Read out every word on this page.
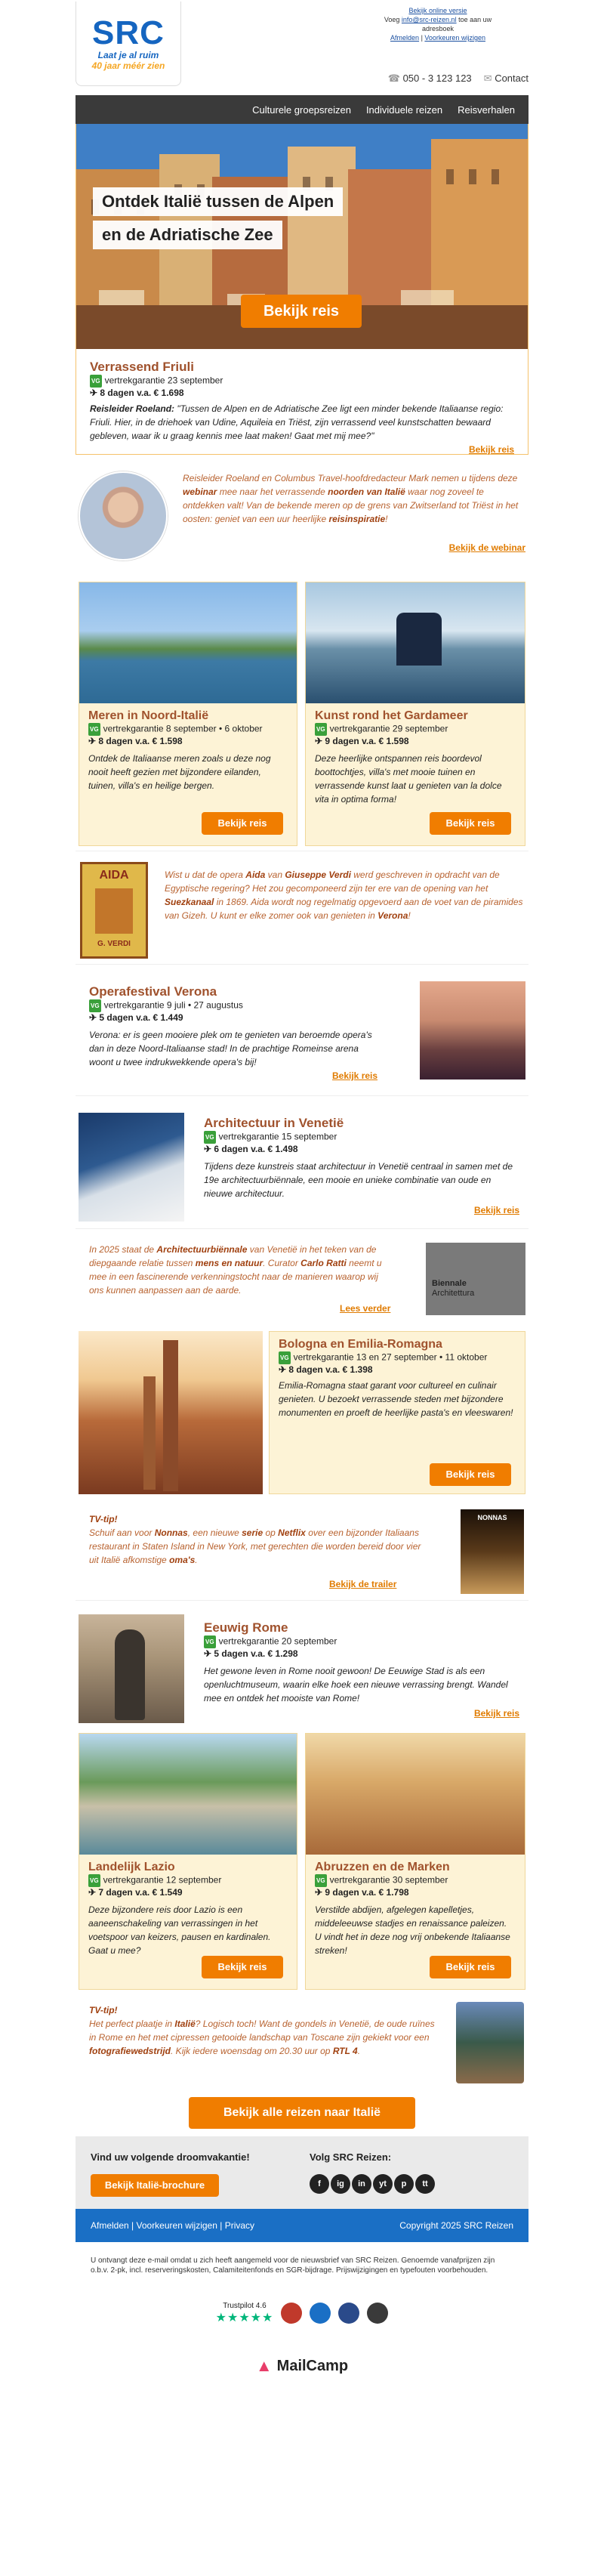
SRC
Laat je al ruim
40 jaar méér zien
Bekijk online versie
Voeg info@src-reizen.nl toe aan uw adresboek
Afmelden | Voorkeuren wijzigen
☎ 050 - 3 123 123 ✉ Contact
Culturele groepsreizen	Individuele reizen	Reisverhalen
Ontdek Italië tussen de Alpen
en de Adriatische Zee
Bekijk reis
Verrassend Friuli
VG vertrekgarantie 23 september
✈ 8 dagen v.a. € 1.698
Reisleider Roeland: "Tussen de Alpen en de Adriatische Zee ligt een minder bekende Italiaanse regio: Friuli. Hier, in de driehoek van Udine, Aquileia en Triëst, zijn verrassend veel kunstschatten bewaard gebleven, waar ik u graag kennis mee laat maken! Gaat met mij mee?"
Bekijk reis
Reisleider Roeland en Columbus Travel-hoofdredacteur Mark nemen u tijdens deze webinar mee naar het verrassende noorden van Italië waar nog zoveel te ontdekken valt! Van de bekende meren op de grens van Zwitserland tot Triëst in het oosten: geniet van een uur heerlijke reisinspiratie!
Bekijk de webinar
Meren in Noord-Italië
VG vertrekgarantie 8 september • 6 oktober
✈ 8 dagen v.a. € 1.598
Ontdek de Italiaanse meren zoals u deze nog nooit heeft gezien met bijzondere eilanden, tuinen, villa's en heilige bergen.
Bekijk reis
Kunst rond het Gardameer
VG vertrekgarantie 29 september
✈ 9 dagen v.a. € 1.598
Deze heerlijke ontspannen reis boordevol boottochtjes, villa's met mooie tuinen en verrassende kunst laat u genieten van la dolce vita in optima forma!
Bekijk reis
AIDA
G. VERDI
Wist u dat de opera Aida van Giuseppe Verdi werd geschreven in opdracht van de Egyptische regering? Het zou gecomponeerd zijn ter ere van de opening van het Suezkanaal in 1869. Aida wordt nog regelmatig opgevoerd aan de voet van de piramides van Gizeh. U kunt er elke zomer ook van genieten in Verona!
Operafestival Verona
VG vertrekgarantie 9 juli • 27 augustus
✈ 5 dagen v.a. € 1.449
Verona: er is geen mooiere plek om te genieten van beroemde opera's dan in deze Noord-Italiaanse stad! In de prachtige Romeinse arena woont u twee indrukwekkende opera's bij!
Bekijk reis
Architectuur in Venetië
VG vertrekgarantie 15 september
✈ 6 dagen v.a. € 1.498
Tijdens deze kunstreis staat architectuur in Venetië centraal in samen met de 19e architectuurbiënnale, een mooie en unieke combinatie van oude en nieuwe architectuur.
Bekijk reis
In 2025 staat de Architectuurbiënnale van Venetië in het teken van de diepgaande relatie tussen mens en natuur. Curator Carlo Ratti neemt u mee in een fascinerende verkenningstocht naar de manieren waarop wij ons kunnen aanpassen aan de aarde.
Lees verder
Biennale
Architettura
Bologna en Emilia-Romagna
VG vertrekgarantie 13 en 27 september • 11 oktober
✈ 8 dagen v.a. € 1.398
Emilia-Romagna staat garant voor cultureel en culinair genieten. U bezoekt verrassende steden met bijzondere monumenten en proeft de heerlijke pasta's en vleeswaren!
Bekijk reis
TV-tip!
Schuif aan voor Nonnas, een nieuwe serie op Netflix over een bijzonder Italiaans restaurant in Staten Island in New York, met gerechten die worden bereid door vier uit Italië afkomstige oma's.
Bekijk de trailer
NONNAS
Eeuwig Rome
VG vertrekgarantie 20 september
✈ 5 dagen v.a. € 1.298
Het gewone leven in Rome nooit gewoon! De Eeuwige Stad is als een openluchtmuseum, waarin elke hoek een nieuwe verrassing brengt. Wandel mee en ontdek het mooiste van Rome!
Bekijk reis
Landelijk Lazio
VG vertrekgarantie 12 september
✈ 7 dagen v.a. € 1.549
Deze bijzondere reis door Lazio is een aaneenschakeling van verrassingen in het voetspoor van keizers, pausen en kardinalen. Gaat u mee?
Bekijk reis
Abruzzen en de Marken
VG vertrekgarantie 30 september
✈ 9 dagen v.a. € 1.798
Verstilde abdijen, afgelegen kapelletjes, middeleeuwse stadjes en renaissance paleizen. U vindt het in deze nog vrij onbekende Italiaanse streken!
Bekijk reis
TV-tip!
Het perfect plaatje in Italië? Logisch toch! Want de gondels in Venetië, de oude ruïnes in Rome en het met cipressen getooide landschap van Toscane zijn gekiekt voor een fotografiewedstrijd. Kijk iedere woensdag om 20.30 uur op RTL 4.
Bekijk alle reizen naar Italië
Vind uw volgende droomvakantie!
Bekijk Italië-brochure
Volg SRC Reizen:
f ig in yt p tt
Afmelden | Voorkeuren wijzigen | Privacy	Copyright 2025 SRC Reizen
U ontvangt deze e-mail omdat u zich heeft aangemeld voor de nieuwsbrief van SRC Reizen. Genoemde vanafprijzen zijn o.b.v. 2-pk, incl. reserveringskosten, Calamiteitenfonds en SGR-bijdrage. Prijswijzigingen en typefouten voorbehouden.
Trustpilot 4.6
★★★★★
▲ MailCamp
